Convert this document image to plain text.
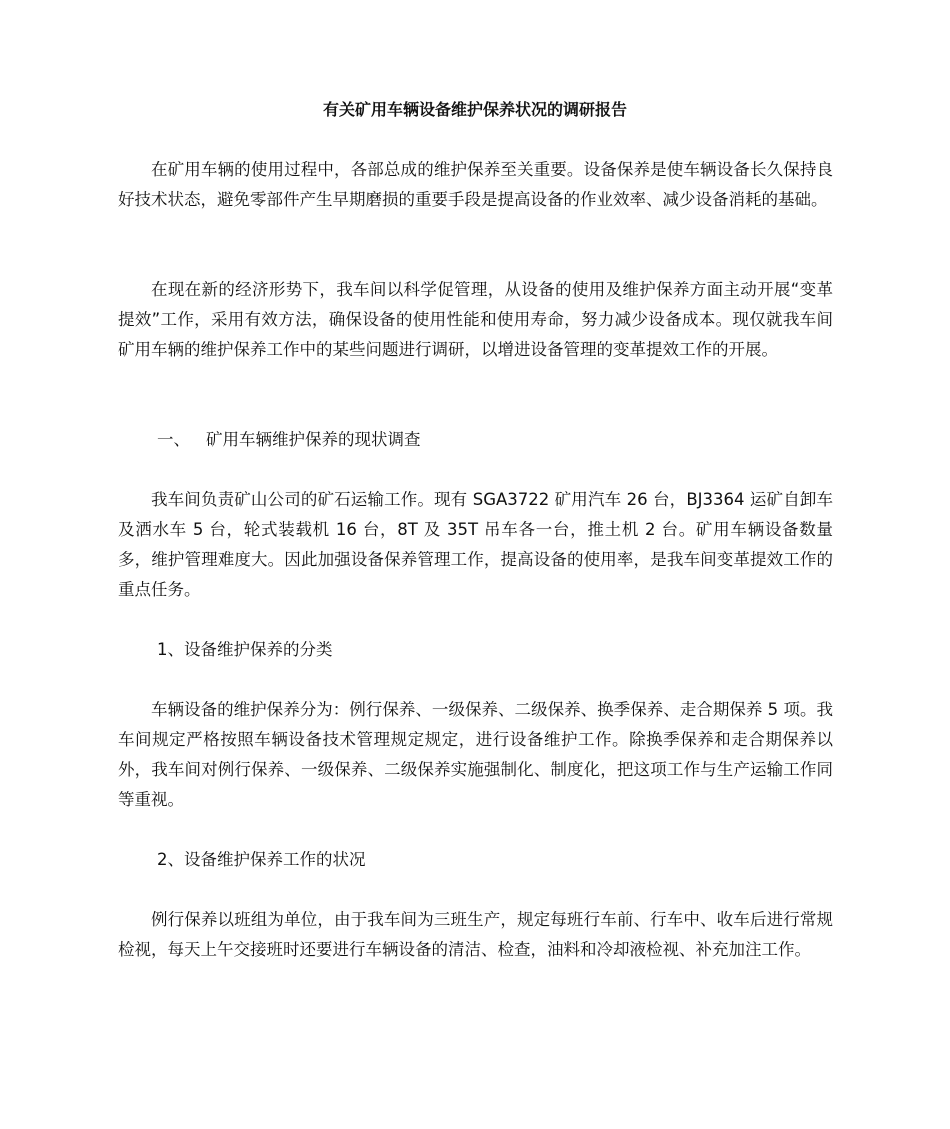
有关矿用车辆设备维护保养状况的调研报告

在矿用车辆的使用过程中，各部总成的维护保养至关重要。设备保养是使车辆设备长久保持良好技术状态，避免零部件产生早期磨损的重要手段是提高设备的作业效率、减少设备消耗的基础。

在现在新的经济形势下，我车间以科学促管理，从设备的使用及维护保养方面主动开展“变革提效”工作，采用有效方法，确保设备的使用性能和使用寿命，努力减少设备成本。现仅就我车间矿用车辆的维护保养工作中的某些问题进行调研，以增进设备管理的变革提效工作的开展。

一、 矿用车辆维护保养的现状调查

我车间负责矿山公司的矿石运输工作。现有 SGA3722 矿用汽车 26 台，BJ3364 运矿自卸车及洒水车 5 台，轮式装载机 16 台，8T 及 35T 吊车各一台，推土机 2 台。矿用车辆设备数量多，维护管理难度大。因此加强设备保养管理工作，提高设备的使用率，是我车间变革提效工作的重点任务。

1、设备维护保养的分类

车辆设备的维护保养分为：例行保养、一级保养、二级保养、换季保养、走合期保养 5 项。我车间规定严格按照车辆设备技术管理规定规定，进行设备维护工作。除换季保养和走合期保养以外，我车间对例行保养、一级保养、二级保养实施强制化、制度化，把这项工作与生产运输工作同等重视。

2、设备维护保养工作的状况

例行保养以班组为单位，由于我车间为三班生产，规定每班行车前、行车中、收车后进行常规检视，每天上午交接班时还要进行车辆设备的清洁、检查，油料和冷却液检视、补充加注工作。
